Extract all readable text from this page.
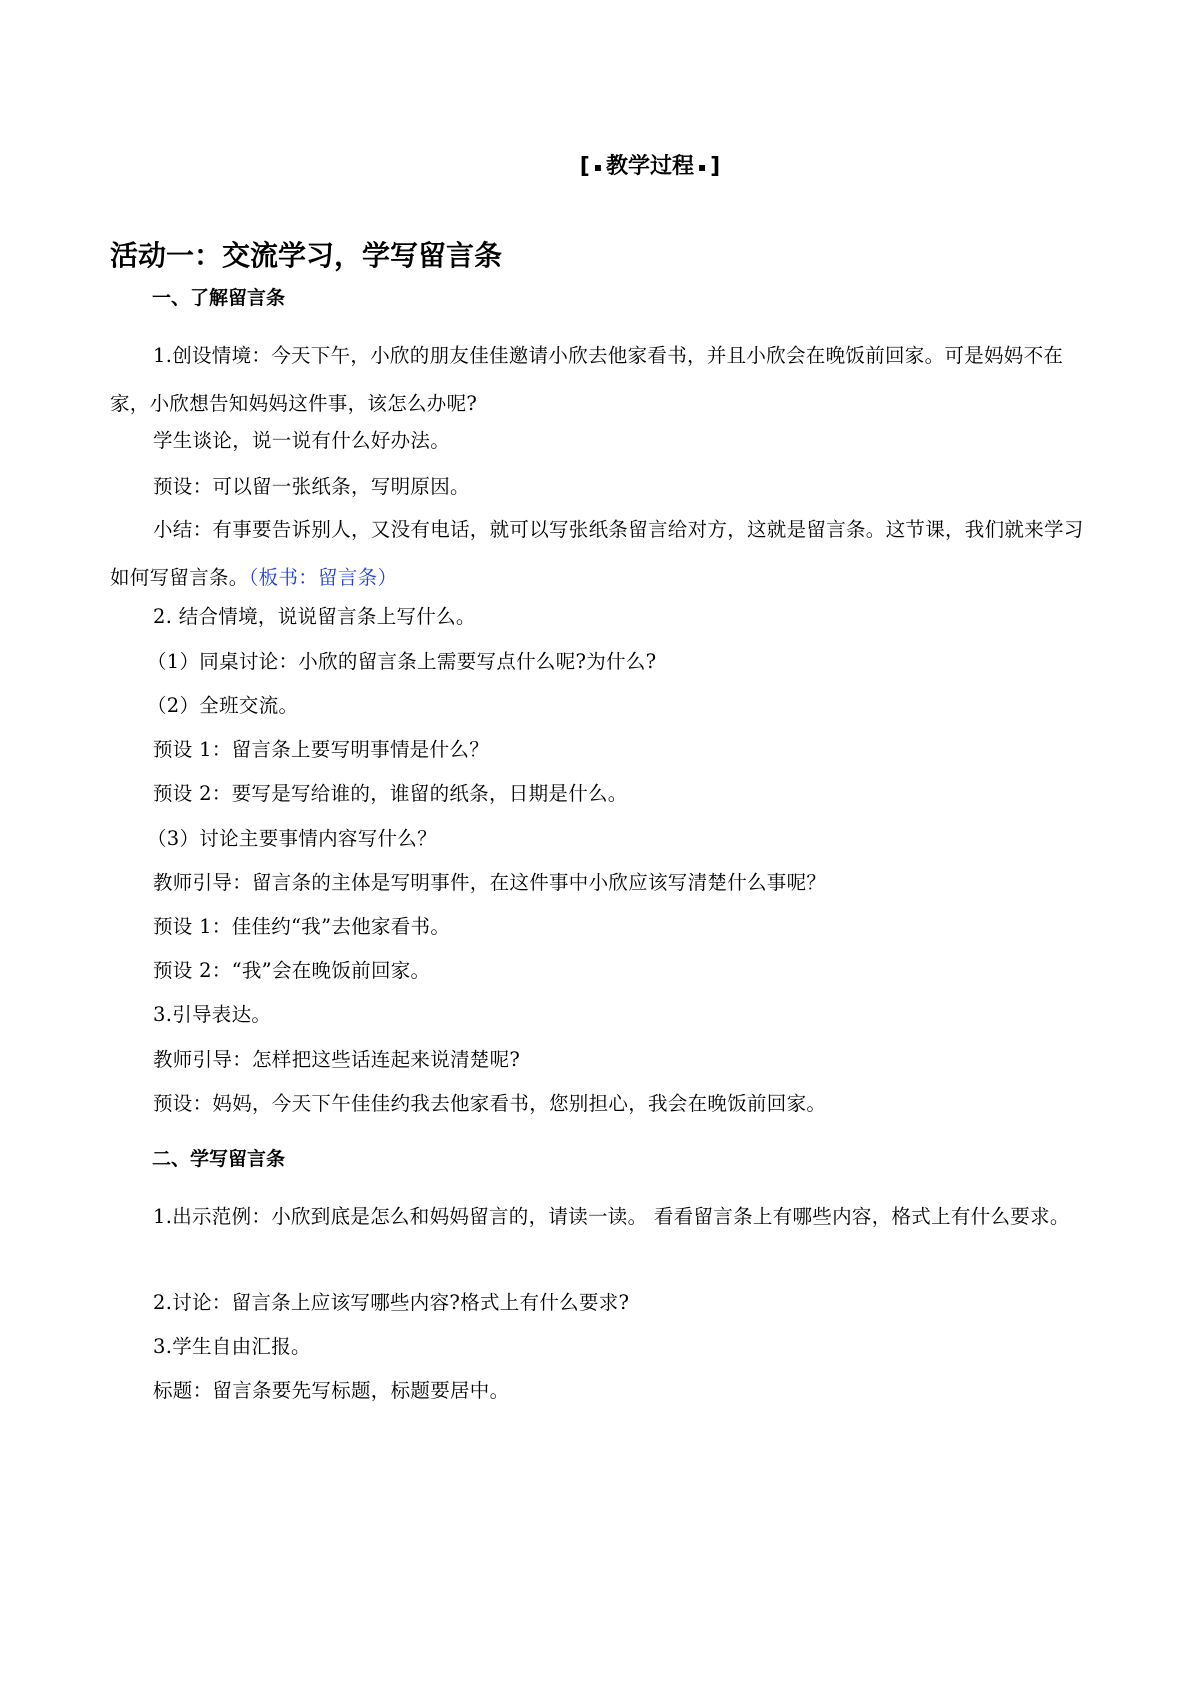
[ ▪ 教学过程 ▪ ]
活动一：交流学习，学写留言条
一、了解留言条
1.创设情境：今天下午，小欣的朋友佳佳邀请小欣去他家看书，并且小欣会在晚饭前回家。可是妈妈不在家，小欣想告知妈妈这件事，该怎么办呢?
学生谈论，说一说有什么好办法。
预设：可以留一张纸条，写明原因。
小结：有事要告诉别人，又没有电话，就可以写张纸条留言给对方，这就是留言条。这节课，我们就来学习如何写留言条。（板书：留言条）
2. 结合情境，说说留言条上写什么。
（1）同桌讨论：小欣的留言条上需要写点什么呢?为什么?
（2）全班交流。
预设 1：留言条上要写明事情是什么？
预设 2：要写是写给谁的，谁留的纸条，日期是什么。
（3）讨论主要事情内容写什么？
教师引导：留言条的主体是写明事件，在这件事中小欣应该写清楚什么事呢？
预设 1：佳佳约“我”去他家看书。
预设 2：“我”会在晚饭前回家。
3.引导表达。
教师引导：怎样把这些话连起来说清楚呢?
预设：妈妈，今天下午佳佳约我去他家看书，您别担心，我会在晚饭前回家。
二、学写留言条
1.出示范例：小欣到底是怎么和妈妈留言的，请读一读。 看看留言条上有哪些内容，格式上有什么要求。
2.讨论：留言条上应该写哪些内容?格式上有什么要求?
3.学生自由汇报。
标题：留言条要先写标题，标题要居中。
